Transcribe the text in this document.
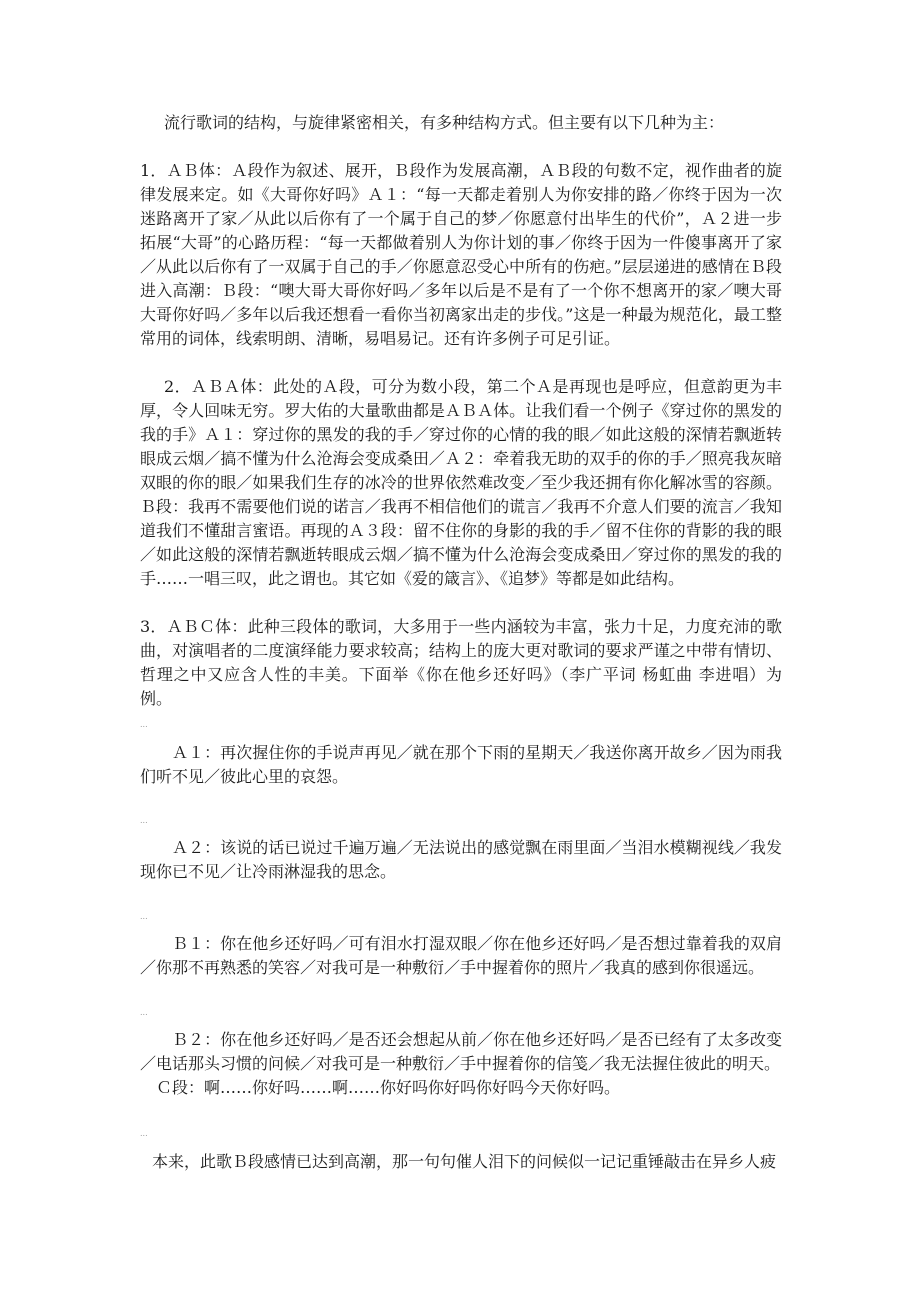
流行歌词的结构，与旋律紧密相关，有多种结构方式。但主要有以下几种为主：

1．ＡＢ体：Ａ段作为叙述、展开，Ｂ段作为发展高潮，ＡＢ段的句数不定，视作曲者的旋律发展来定。如《大哥你好吗》Ａ１：“每一天都走着别人为你安排的路／你终于因为一次迷路离开了家／从此以后你有了一个属于自己的梦／你愿意付出毕生的代价”，Ａ２进一步拓展“大哥”的心路历程：“每一天都做着别人为你计划的事／你终于因为一件傻事离开了家／从此以后你有了一双属于自己的手／你愿意忍受心中所有的伤疤。”层层递进的感情在Ｂ段进入高潮：Ｂ段：“噢大哥大哥你好吗／多年以后是不是有了一个你不想离开的家／噢大哥大哥你好吗／多年以后我还想看一看你当初离家出走的步伐。”这是一种最为规范化，最工整常用的词体，线索明朗、清晰，易唱易记。还有许多例子可足引证。

2．ＡＢＡ体：此处的Ａ段，可分为数小段，第二个Ａ是再现也是呼应，但意韵更为丰厚，令人回味无穷。罗大佑的大量歌曲都是ＡＢＡ体。让我们看一个例子《穿过你的黑发的我的手》Ａ１：穿过你的黑发的我的手／穿过你的心情的我的眼／如此这般的深情若飘逝转眼成云烟／搞不懂为什么沧海会变成桑田／Ａ２：牵着我无助的双手的你的手／照亮我灰暗双眼的你的眼／如果我们生存的冰冷的世界依然难改变／至少我还拥有你化解冰雪的容颜。Ｂ段：我再不需要他们说的诺言／我再不相信他们的谎言／我再不介意人们要的流言／我知道我们不懂甜言蜜语。再现的Ａ３段：留不住你的身影的我的手／留不住你的背影的我的眼／如此这般的深情若飘逝转眼成云烟／搞不懂为什么沧海会变成桑田／穿过你的黑发的我的手……一唱三叹，此之谓也。其它如《爱的箴言》、《追梦》等都是如此结构。

3．ＡＢＣ体：此种三段体的歌词，大多用于一些内涵较为丰富，张力十足，力度充沛的歌曲，对演唱者的二度演绎能力要求较高；结构上的庞大更对歌词的要求严谨之中带有情切、哲理之中又应含人性的丰美。下面举《你在他乡还好吗》（李广平词 杨虹曲 李进唱）为例。

...

Ａ１：再次握住你的手说声再见／就在那个下雨的星期天／我送你离开故乡／因为雨我们听不见／彼此心里的哀怨。

...

Ａ２：该说的话已说过千遍万遍／无法说出的感觉飘在雨里面／当泪水模糊视线／我发现你已不见／让冷雨淋湿我的思念。

...

Ｂ１：你在他乡还好吗／可有泪水打湿双眼／你在他乡还好吗／是否想过靠着我的双肩／你那不再熟悉的笑容／对我可是一种敷衍／手中握着你的照片／我真的感到你很遥远。

...

Ｂ２：你在他乡还好吗／是否还会想起从前／你在他乡还好吗／是否已经有了太多改变／电话那头习惯的问候／对我可是一种敷衍／手中握着你的信笺／我无法握住彼此的明天。

Ｃ段：啊……你好吗……啊……你好吗你好吗你好吗今天你好吗。

...

本来，此歌Ｂ段感情已达到高潮，那一句句催人泪下的问候似一记记重锤敲击在异乡人疲
